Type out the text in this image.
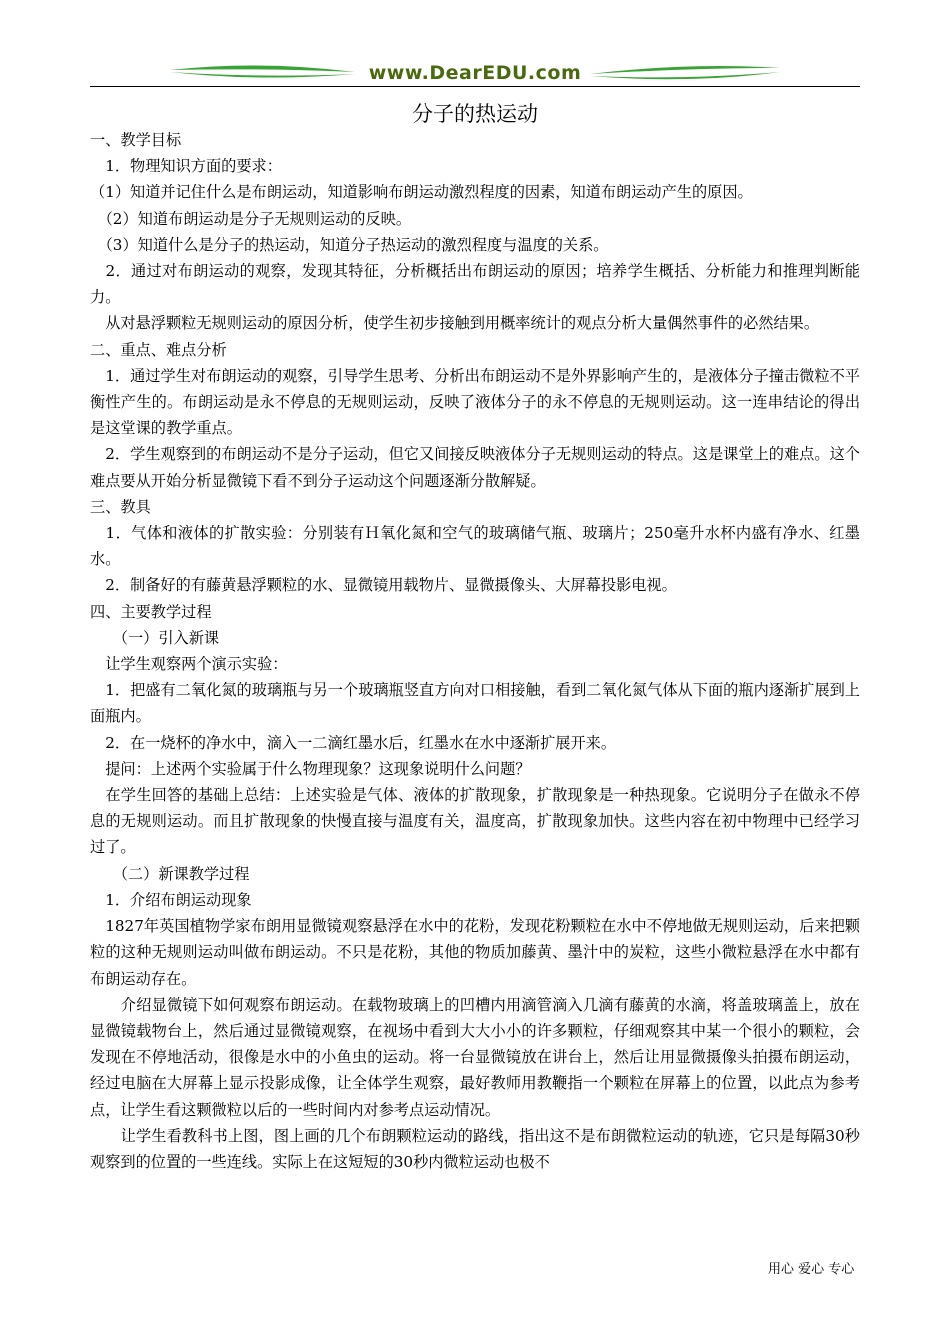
www.DearEDU.com
分子的热运动

一、教学目标

　1．物理知识方面的要求：

（1）知道并记住什么是布朗运动，知道影响布朗运动激烈程度的因素，知道布朗运动产生的原因。

　（2）知道布朗运动是分子无规则运动的反映。

　（3）知道什么是分子的热运动，知道分子热运动的激烈程度与温度的关系。

　2．通过对布朗运动的观察，发现其特征，分析概括出布朗运动的原因；培养学生概括、分析能力和推理判断能力。

　从对悬浮颗粒无规则运动的原因分析，使学生初步接触到用概率统计的观点分析大量偶然事件的必然结果。

二、重点、难点分析

　1．通过学生对布朗运动的观察，引导学生思考、分析出布朗运动不是外界影响产生的，是液体分子撞击微粒不平衡性产生的。布朗运动是永不停息的无规则运动，反映了液体分子的永不停息的无规则运动。这一连串结论的得出是这堂课的教学重点。

　2．学生观察到的布朗运动不是分子运动，但它又间接反映液体分子无规则运动的特点。这是课堂上的难点。这个难点要从开始分析显微镜下看不到分子运动这个问题逐渐分散解疑。

三、教具

　1．气体和液体的扩散实验：分别装有Ｈ氧化氮和空气的玻璃储气瓶、玻璃片；250毫升水杯内盛有净水、红墨水。

　2．制备好的有藤黄悬浮颗粒的水、显微镜用载物片、显微摄像头、大屏幕投影电视。

四、主要教学过程

　　（一）引入新课

　让学生观察两个演示实验：

　1．把盛有二氧化氮的玻璃瓶与另一个玻璃瓶竖直方向对口相接触，看到二氧化氮气体从下面的瓶内逐渐扩展到上面瓶内。

　2．在一烧杯的净水中，滴入一二滴红墨水后，红墨水在水中逐渐扩展开来。

　提问：上述两个实验属于什么物理现象？这现象说明什么问题？

　在学生回答的基础上总结：上述实验是气体、液体的扩散现象，扩散现象是一种热现象。它说明分子在做永不停息的无规则运动。而且扩散现象的快慢直接与温度有关，温度高，扩散现象加快。这些内容在初中物理中已经学习过了。

　　（二）新课教学过程

　1．介绍布朗运动现象

　1827年英国植物学家布朗用显微镜观察悬浮在水中的花粉，发现花粉颗粒在水中不停地做无规则运动，后来把颗粒的这种无规则运动叫做布朗运动。不只是花粉，其他的物质加藤黄、墨汁中的炭粒，这些小微粒悬浮在水中都有布朗运动存在。

　　介绍显微镜下如何观察布朗运动。在载物玻璃上的凹槽内用滴管滴入几滴有藤黄的水滴，将盖玻璃盖上，放在显微镜载物台上，然后通过显微镜观察，在视场中看到大大小小的许多颗粒，仔细观察其中某一个很小的颗粒，会发现在不停地活动，很像是水中的小鱼虫的运动。将一台显微镜放在讲台上，然后让用显微摄像头拍摄布朗运动，经过电脑在大屏幕上显示投影成像，让全体学生观察，最好教师用教鞭指一个颗粒在屏幕上的位置，以此点为参考点，让学生看这颗微粒以后的一些时间内对参考点运动情况。

　　让学生看教科书上图，图上画的几个布朗颗粒运动的路线，指出这不是布朗微粒运动的轨迹，它只是每隔30秒观察到的位置的一些连线。实际上在这短短的30秒内微粒运动也极不

用心 爱心 专心
